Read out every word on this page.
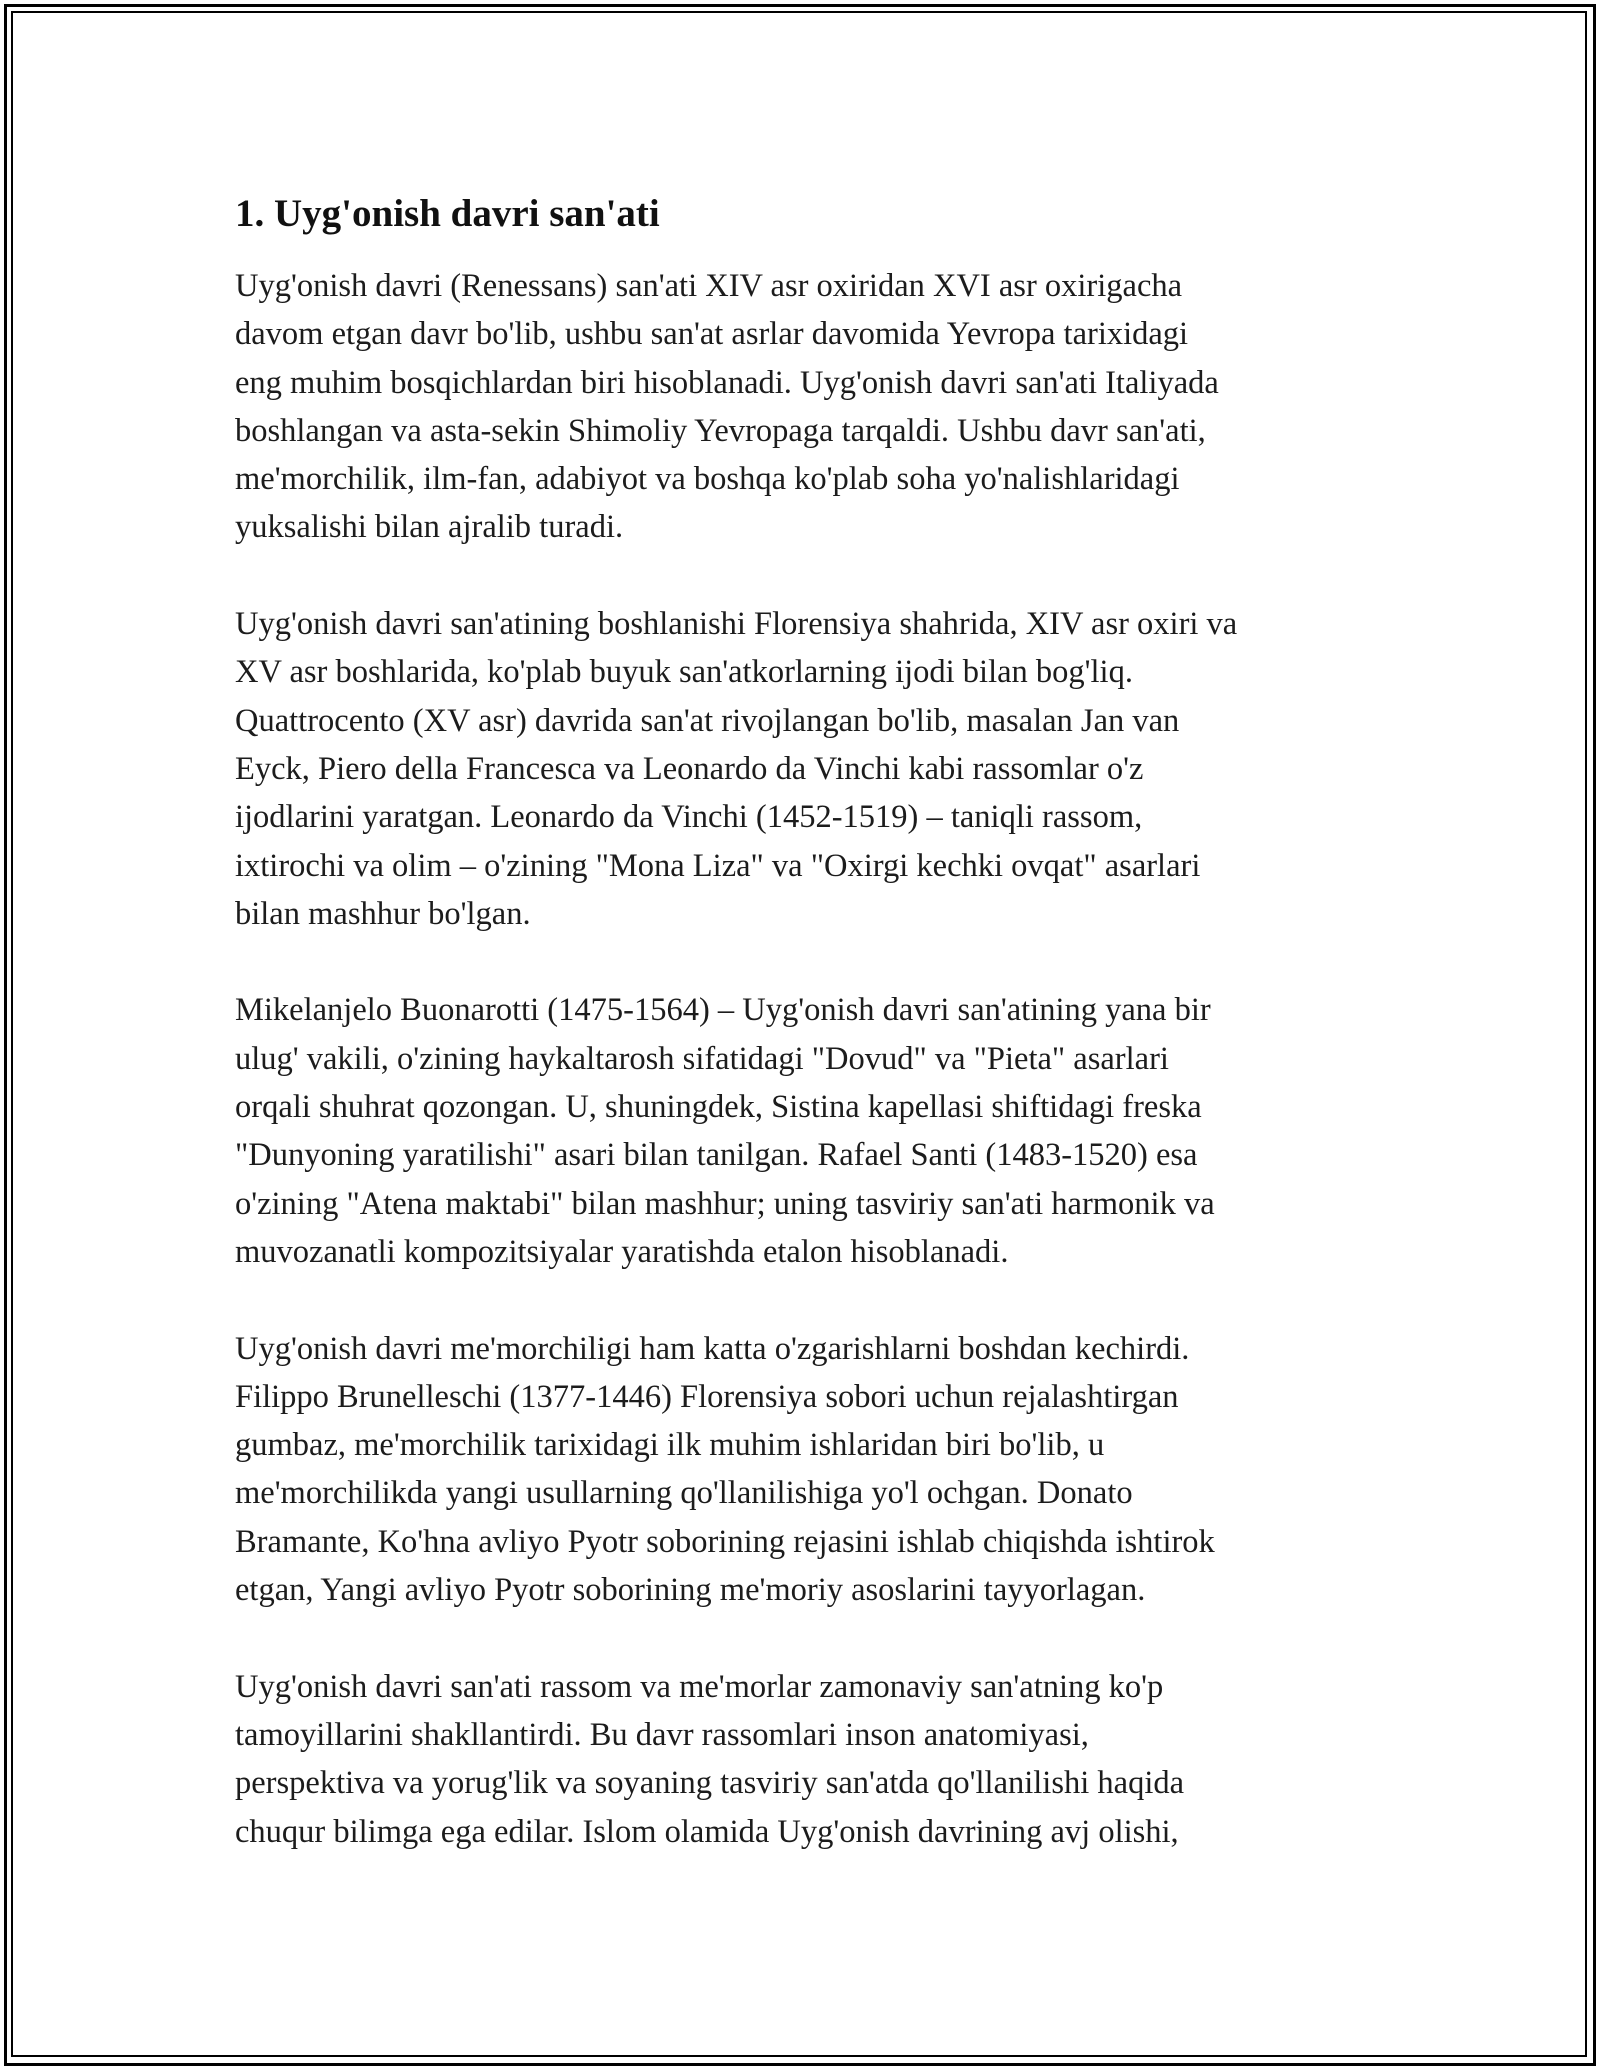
1. Uyg'onish davri san'ati

Uyg'onish davri (Renessans) san'ati XIV asr oxiridan XVI asr oxirigacha
davom etgan davr bo'lib, ushbu san'at asrlar davomida Yevropa tarixidagi
eng muhim bosqichlardan biri hisoblanadi. Uyg'onish davri san'ati Italiyada
boshlangan va asta-sekin Shimoliy Yevropaga tarqaldi. Ushbu davr san'ati,
me'morchilik, ilm-fan, adabiyot va boshqa ko'plab soha yo'nalishlaridagi
yuksalishi bilan ajralib turadi.

Uyg'onish davri san'atining boshlanishi Florensiya shahrida, XIV asr oxiri va
XV asr boshlarida, ko'plab buyuk san'atkorlarning ijodi bilan bog'liq.
Quattrocento (XV asr) davrida san'at rivojlangan bo'lib, masalan Jan van
Eyck, Piero della Francesca va Leonardo da Vinchi kabi rassomlar o'z
ijodlarini yaratgan. Leonardo da Vinchi (1452-1519) – taniqli rassom,
ixtirochi va olim – o'zining "Mona Liza" va "Oxirgi kechki ovqat" asarlari
bilan mashhur bo'lgan.

Mikelanjelo Buonarotti (1475-1564) – Uyg'onish davri san'atining yana bir
ulug' vakili, o'zining haykaltarosh sifatidagi "Dovud" va "Pieta" asarlari
orqali shuhrat qozongan. U, shuningdek, Sistina kapellasi shiftidagi freska
"Dunyoning yaratilishi" asari bilan tanilgan. Rafael Santi (1483-1520) esa
o'zining "Atena maktabi" bilan mashhur; uning tasviriy san'ati harmonik va
muvozanatli kompozitsiyalar yaratishda etalon hisoblanadi.

Uyg'onish davri me'morchiligi ham katta o'zgarishlarni boshdan kechirdi.
Filippo Brunelleschi (1377-1446) Florensiya sobori uchun rejalashtirgan
gumbaz, me'morchilik tarixidagi ilk muhim ishlaridan biri bo'lib, u
me'morchilikda yangi usullarning qo'llanilishiga yo'l ochgan. Donato
Bramante, Ko'hna avliyo Pyotr soborining rejasini ishlab chiqishda ishtirok
etgan, Yangi avliyo Pyotr soborining me'moriy asoslarini tayyorlagan.

Uyg'onish davri san'ati rassom va me'morlar zamonaviy san'atning ko'p
tamoyillarini shakllantirdi. Bu davr rassomlari inson anatomiyasi,
perspektiva va yorug'lik va soyaning tasviriy san'atda qo'llanilishi haqida
chuqur bilimga ega edilar. Islom olamida Uyg'onish davrining avj olishi,
